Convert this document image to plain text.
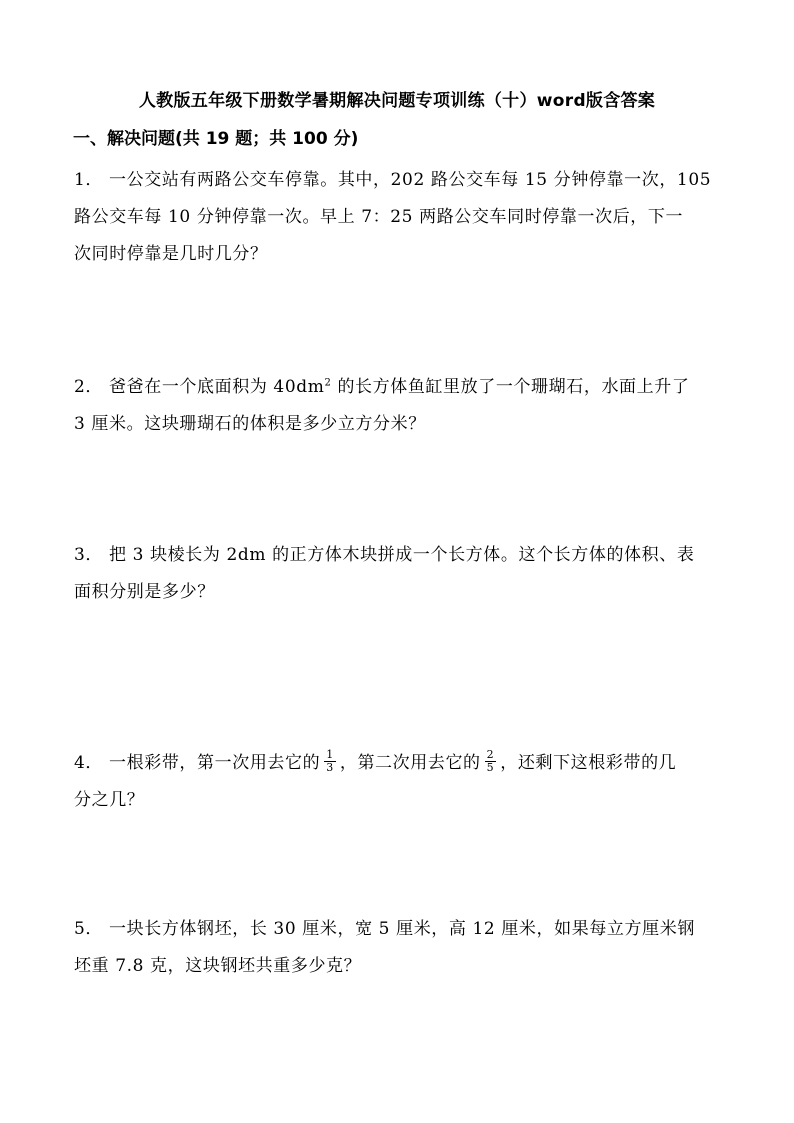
人教版五年级下册数学暑期解决问题专项训练（十）word版含答案
一、解决问题(共 19 题；共 100 分)
1． 一公交站有两路公交车停靠。其中，202 路公交车每 15 分钟停靠一次，105
路公交车每 10 分钟停靠一次。早上 7：25 两路公交车同时停靠一次后，下一
次同时停靠是几时几分？
2． 爸爸在一个底面积为 $40dm^2$ 的长方体鱼缸里放了一个珊瑚石，水面上升了
3 厘米。这块珊瑚石的体积是多少立方分米？
3． 把 3 块棱长为 2dm 的正方体木块拼成一个长方体。这个长方体的体积、表
面积分别是多少？
4． 一根彩带，第一次用去它的 $\frac{1}{3}$ ，第二次用去它的 $\frac{2}{5}$ ，还剩下这根彩带的几
分之几？
5． 一块长方体钢坯，长 30 厘米，宽 5 厘米，高 12 厘米，如果每立方厘米钢
坯重 7.8 克，这块钢坯共重多少克？
